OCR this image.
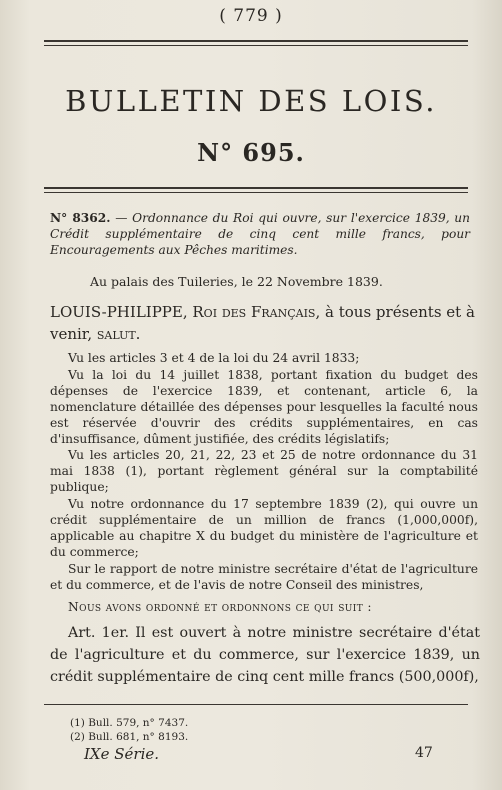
( 779 )
BULLETIN DES LOIS.
N° 695.
N° 8362. — Ordonnance du Roi qui ouvre, sur l'exercice 1839, un Crédit supplémentaire de cinq cent mille francs, pour Encouragements aux Pêches maritimes.
Au palais des Tuileries, le 22 Novembre 1839.
LOUIS-PHILIPPE, Roi des Français, à tous présents et à venir, salut.
Vu les articles 3 et 4 de la loi du 24 avril 1833;
Vu la loi du 14 juillet 1838, portant fixation du budget des dépenses de l'exercice 1839, et contenant, article 6, la nomenclature détaillée des dépenses pour lesquelles la faculté nous est réservée d'ouvrir des crédits supplémentaires, en cas d'insuffisance, dûment justifiée, des crédits législatifs;
Vu les articles 20, 21, 22, 23 et 25 de notre ordonnance du 31 mai 1838 (1), portant règlement général sur la comptabilité publique;
Vu notre ordonnance du 17 septembre 1839 (2), qui ouvre un crédit supplémentaire de un million de francs (1,000,000f), applicable au chapitre X du budget du ministère de l'agriculture et du commerce;
Sur le rapport de notre ministre secrétaire d'état de l'agriculture et du commerce, et de l'avis de notre Conseil des ministres,
Nous avons ordonné et ordonnons ce qui suit :
Art. 1er. Il est ouvert à notre ministre secrétaire d'état de l'agriculture et du commerce, sur l'exercice 1839, un crédit supplémentaire de cinq cent mille francs (500,000f),
(1) Bull. 579, n° 7437.
(2) Bull. 681, n° 8193.
IXe Série.	47
